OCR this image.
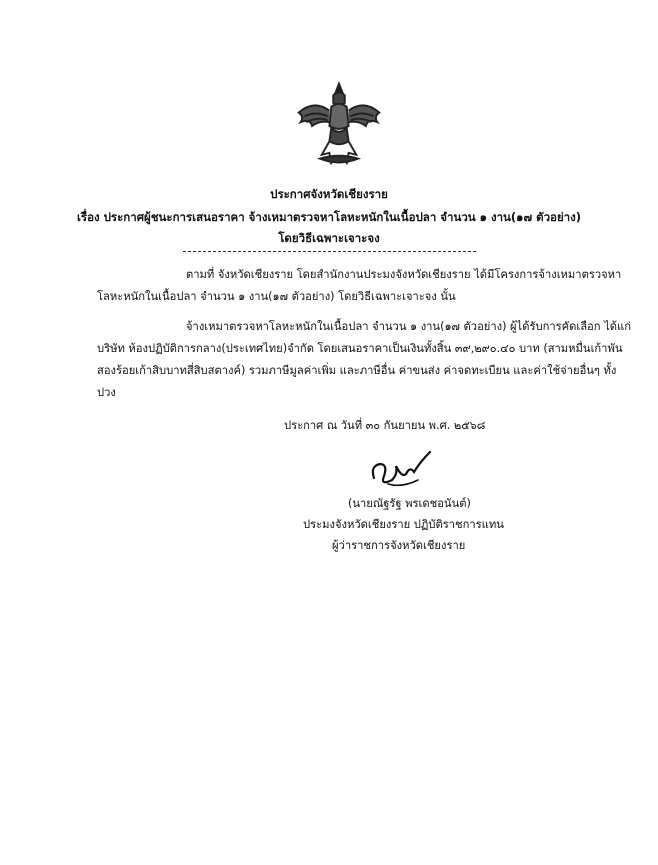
ประกาศจังหวัดเชียงราย
เรื่อง ประกาศผู้ชนะการเสนอราคา จ้างเหมาตรวจหาโลหะหนักในเนื้อปลา จำนวน ๑ งาน(๑๗ ตัวอย่าง)
โดยวิธีเฉพาะเจาะจง
ตามที่ จังหวัดเชียงราย โดยสำนักงานประมงจังหวัดเชียงราย ได้มีโครงการจ้างเหมาตรวจหา
โลหะหนักในเนื้อปลา จำนวน ๑ งาน(๑๗ ตัวอย่าง) โดยวิธีเฉพาะเจาะจง นั้น
จ้างเหมาตรวจหาโลหะหนักในเนื้อปลา จำนวน ๑ งาน(๑๗ ตัวอย่าง) ผู้ได้รับการคัดเลือก ได้แก่
บริษัท ห้องปฏิบัติการกลาง(ประเทศไทย)จำกัด โดยเสนอราคาเป็นเงินทั้งสิ้น ๓๙,๒๙๐.๔๐ บาท (สามหมื่นเก้าพัน
สองร้อยเก้าสิบบาทสี่สิบสตางค์) รวมภาษีมูลค่าเพิ่ม และภาษีอื่น ค่าขนส่ง ค่าจดทะเบียน และค่าใช้จ่ายอื่นๆ ทั้ง
ปวง
ประกาศ ณ วันที่ ๓๐ กันยายน พ.ศ. ๒๕๖๘
(นายณัฐรัฐ พรเดชอนันต์)
ประมงจังหวัดเชียงราย ปฏิบัติราชการแทน
ผู้ว่าราชการจังหวัดเชียงราย
